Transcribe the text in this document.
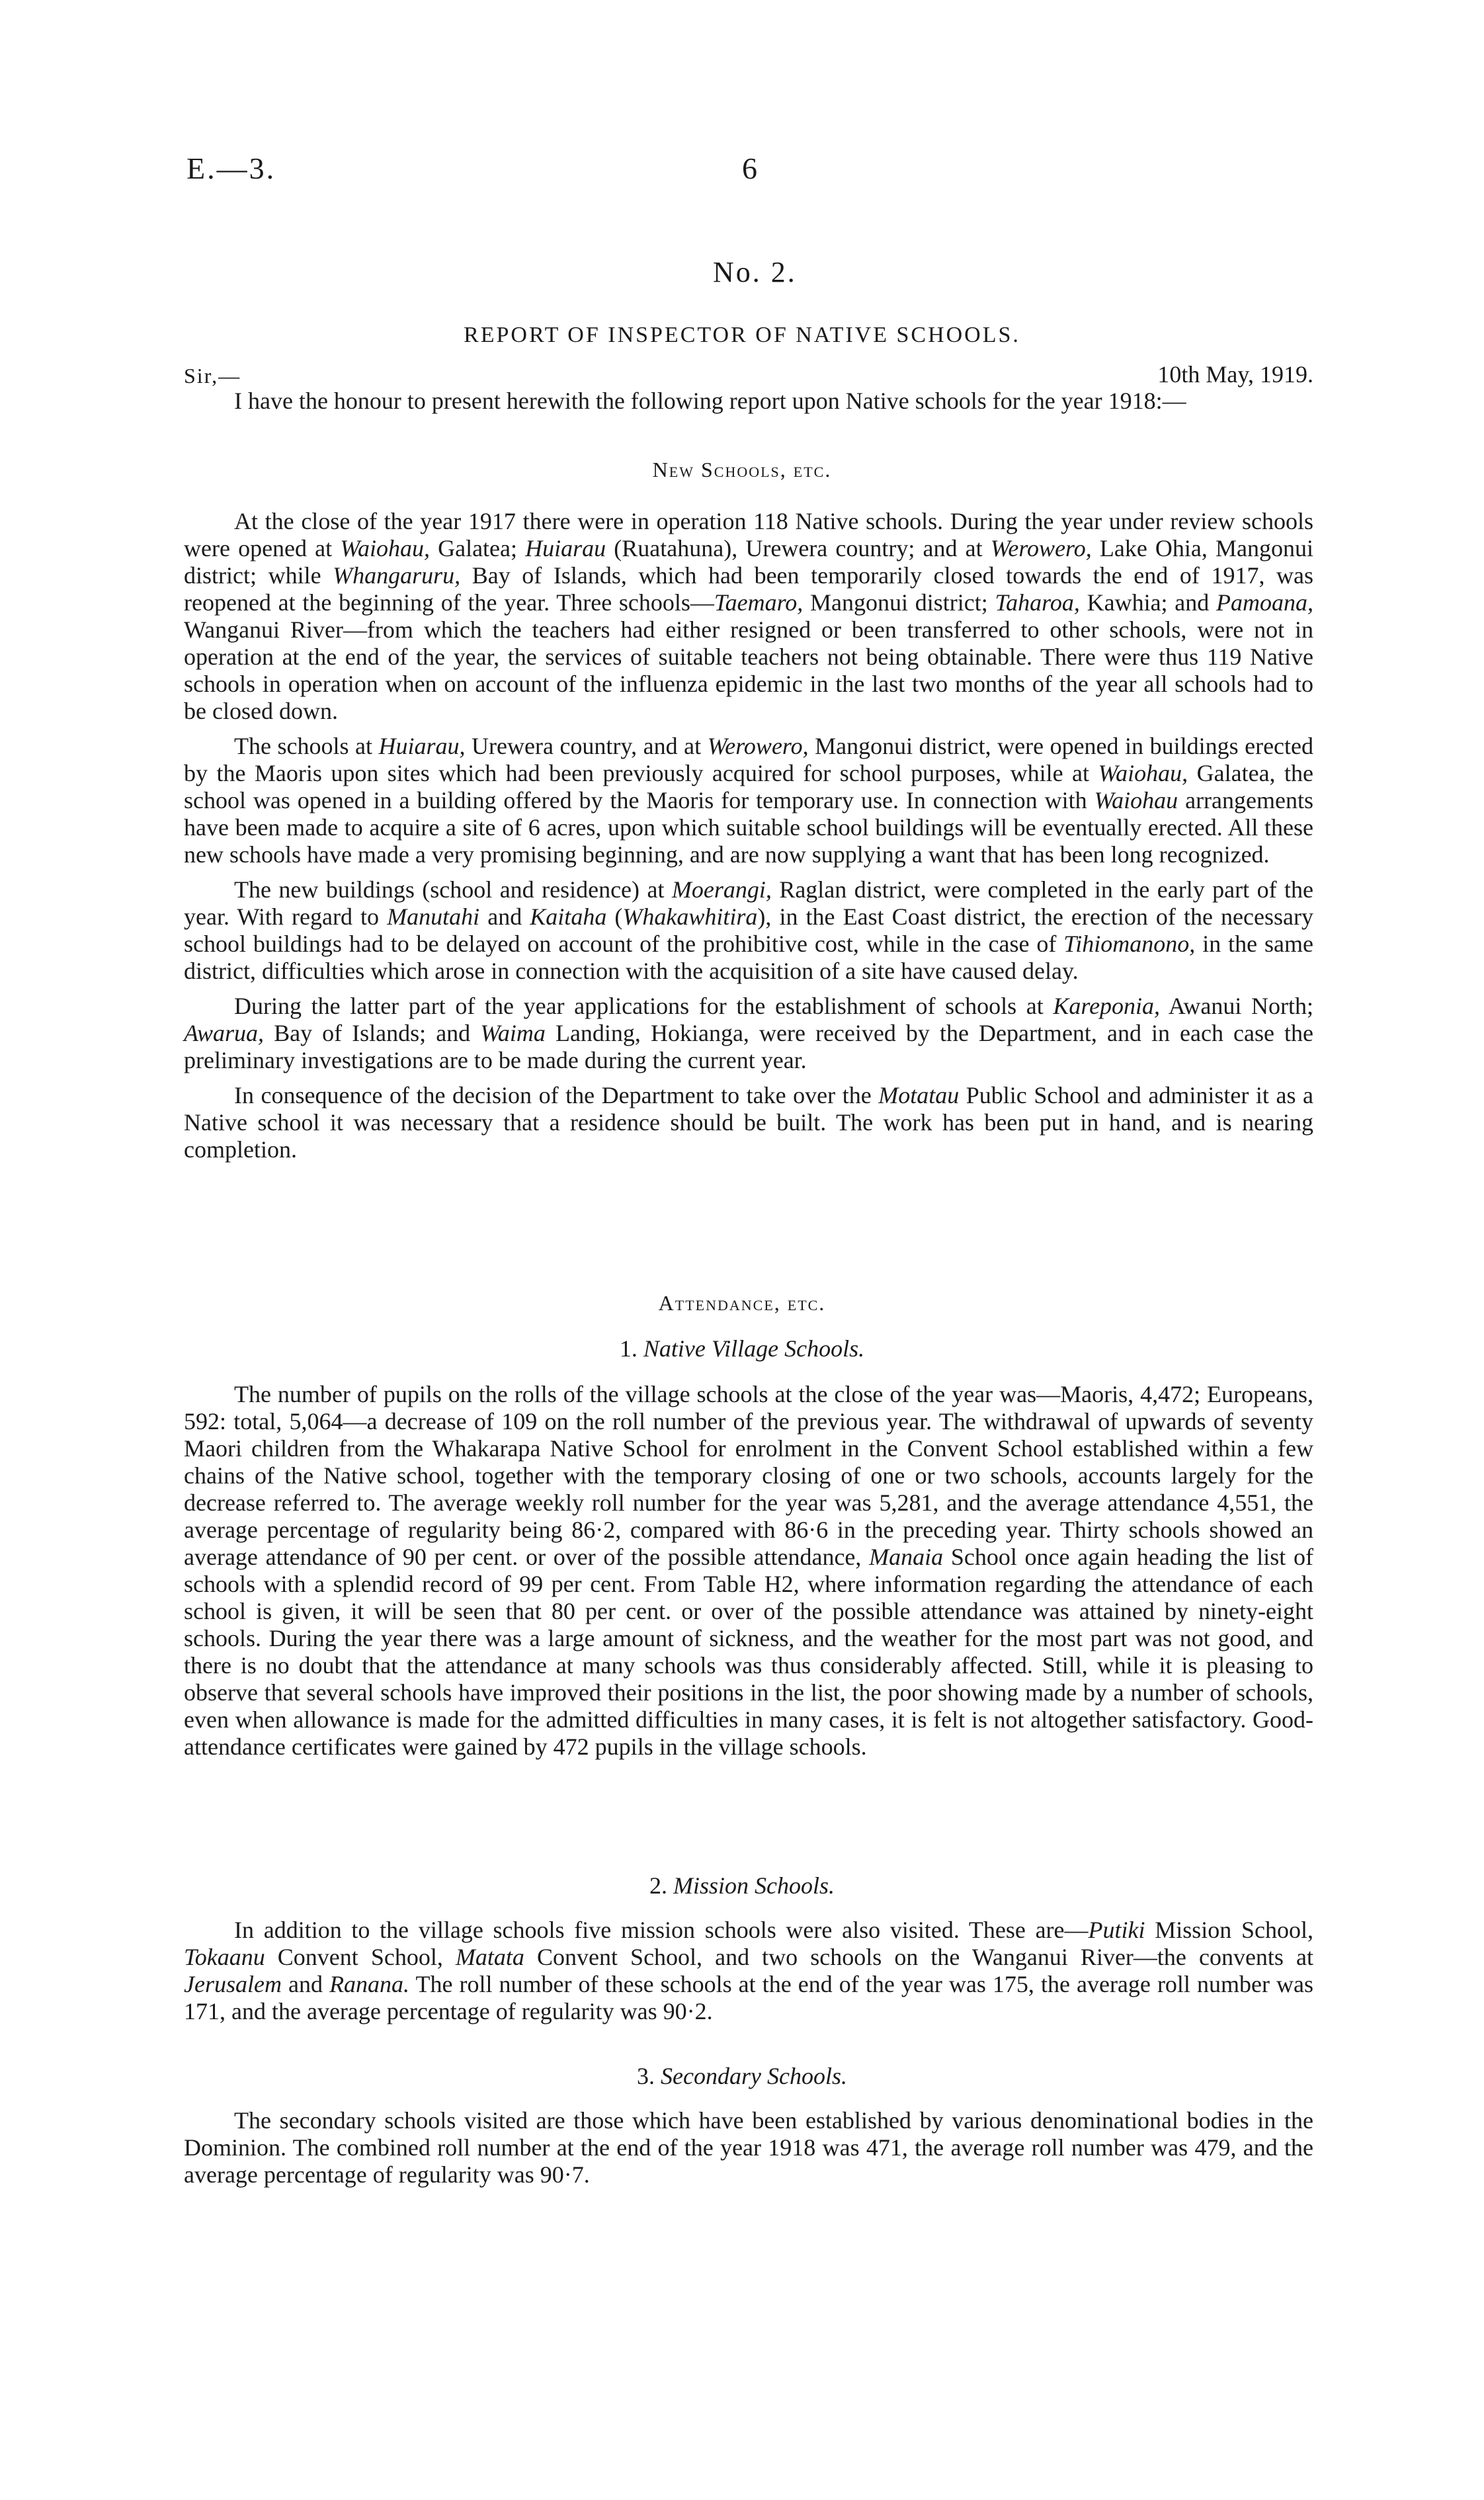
E.—3.	6
No. 2.
REPORT OF INSPECTOR OF NATIVE SCHOOLS.
Sir,—	10th May, 1919.

I have the honour to present herewith the following report upon Native schools for the year 1918:—

New Schools, etc.

At the close of the year 1917 there were in operation 118 Native schools. During the year under review schools were opened at Waiohau, Galatea; Huiarau (Ruatahuna), Urewera country; and at Werowero, Lake Ohia, Mangonui district; while Whangaruru, Bay of Islands, which had been temporarily closed towards the end of 1917, was reopened at the beginning of the year. Three schools—Taemaro, Mangonui district; Taharoa, Kawhia; and Pamoana, Wanganui River—from which the teachers had either resigned or been transferred to other schools, were not in operation at the end of the year, the services of suitable teachers not being obtainable. There were thus 119 Native schools in operation when on account of the influenza epidemic in the last two months of the year all schools had to be closed down.

The schools at Huiarau, Urewera country, and at Werowero, Mangonui district, were opened in buildings erected by the Maoris upon sites which had been previously acquired for school purposes, while at Waiohau, Galatea, the school was opened in a building offered by the Maoris for temporary use. In connection with Waiohau arrangements have been made to acquire a site of 6 acres, upon which suitable school buildings will be eventually erected. All these new schools have made a very promising beginning, and are now supplying a want that has been long recognized.

The new buildings (school and residence) at Moerangi, Raglan district, were completed in the early part of the year. With regard to Manutahi and Kaitaha (Whakawhitira), in the East Coast district, the erection of the necessary school buildings had to be delayed on account of the prohibitive cost, while in the case of Tihiomanono, in the same district, difficulties which arose in connection with the acquisition of a site have caused delay.

During the latter part of the year applications for the establishment of schools at Kareponia, Awanui North; Awarua, Bay of Islands; and Waima Landing, Hokianga, were received by the Department, and in each case the preliminary investigations are to be made during the current year.

In consequence of the decision of the Department to take over the Motatau Public School and administer it as a Native school it was necessary that a residence should be built. The work has been put in hand, and is nearing completion.

Attendance, etc.
1. Native Village Schools.

The number of pupils on the rolls of the village schools at the close of the year was—Maoris, 4,472; Europeans, 592: total, 5,064—a decrease of 109 on the roll number of the previous year. The withdrawal of upwards of seventy Maori children from the Whakarapa Native School for enrolment in the Convent School established within a few chains of the Native school, together with the temporary closing of one or two schools, accounts largely for the decrease referred to. The average weekly roll number for the year was 5,281, and the average attendance 4,551, the average percentage of regularity being 86·2, compared with 86·6 in the preceding year. Thirty schools showed an average attendance of 90 per cent. or over of the possible attendance, Manaia School once again heading the list of schools with a splendid record of 99 per cent. From Table H2, where information regarding the attendance of each school is given, it will be seen that 80 per cent. or over of the possible attendance was attained by ninety-eight schools. During the year there was a large amount of sickness, and the weather for the most part was not good, and there is no doubt that the attendance at many schools was thus considerably affected. Still, while it is pleasing to observe that several schools have improved their positions in the list, the poor showing made by a number of schools, even when allowance is made for the admitted difficulties in many cases, it is felt is not altogether satisfactory. Good-attendance certificates were gained by 472 pupils in the village schools.

2. Mission Schools.

In addition to the village schools five mission schools were also visited. These are—Putiki Mission School, Tokaanu Convent School, Matata Convent School, and two schools on the Wanganui River—the convents at Jerusalem and Ranana. The roll number of these schools at the end of the year was 175, the average roll number was 171, and the average percentage of regularity was 90·2.

3. Secondary Schools.

The secondary schools visited are those which have been established by various denominational bodies in the Dominion. The combined roll number at the end of the year 1918 was 471, the average roll number was 479, and the average percentage of regularity was 90·7.
